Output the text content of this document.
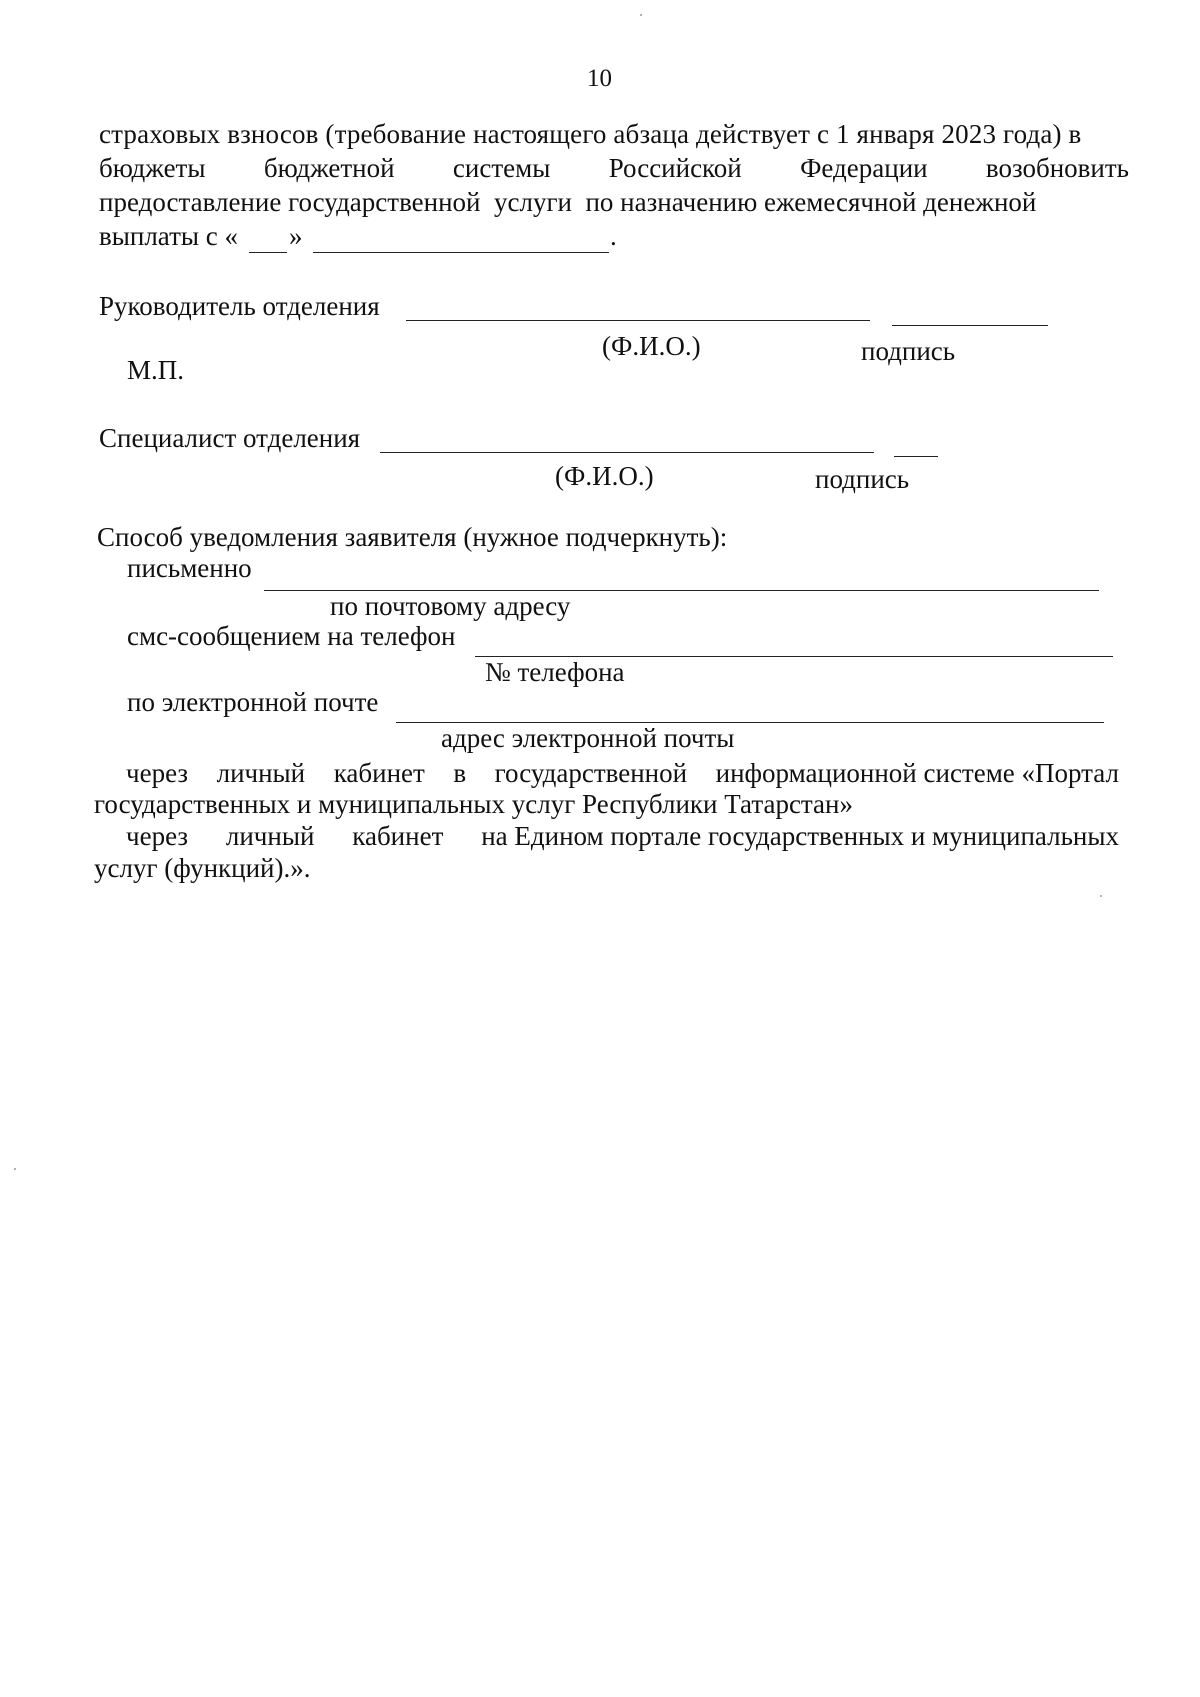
10
страховых взносов (требование настоящего абзаца действует с 1 января 2023 года) в
бюджеты бюджетной системы Российской Федерации возобновить
предоставление государственной  услуги  по назначению ежемесячной денежной
выплаты с « »	.
Руководитель отделения
(Ф.И.О.)	подпись
М.П.
Специалист отделения
(Ф.И.О.)	подпись
Способ уведомления заявителя (нужное подчеркнуть):
письменно
по почтовому адресу
смс-сообщением на телефон
№ телефона
по электронной почте
адрес электронной почты
через личный кабинет в государственной информационной системе «Портал
государственных и муниципальных услуг Республики Татарстан»
через личный кабинет на Едином портале государственных и муниципальных
услуг (функций).».
